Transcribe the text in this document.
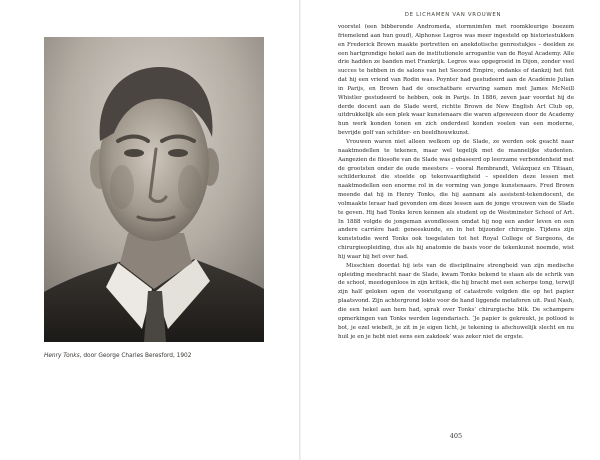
Henry Tonks, door George Charles Beresford, 1902
DE LICHAMEN VAN VROUWEN

voorstel (een bibberende Andromeda, stormnimfen met roomkleurige boezem friemelend aan hun goud), Alphonse Legros was meer ingesteld op historiestukken en Frederick Brown maakte portretten en anekdotische genrestukjes – deelden ze een hartgrondige hekel aan de institutionele arrogantie van de Royal Academy. Alle drie hadden ze banden met Frankrijk. Legros was opgegroeid in Dijon, zonder veel succes te hebben in de salons van het Second Empire, ondanks of dankzij het feit dat hij een vriend van Rodin was. Poynter had gestudeerd aan de Académie Julian in Parijs, en Brown had de onschatbare ervaring samen met James McNeill Whistler gestudeerd te hebben, ook in Parijs. In 1886, zeven jaar voordat hij de derde docent aan de Slade werd, richtte Brown de New English Art Club op, uitdrukkelijk als een plek waar kunstenaars die waren afgewezen door de Academy hun werk konden tonen en zich onderdeel konden voelen van een moderne, bevrijde golf van schilder- en beeldhouwkunst.

Vrouwen waren niet alleen welkom op de Slade, ze werden ook geacht naar naaktmodellen te tekenen, maar wel tegelijk met de mannelijke studenten. Aangezien de filosofie van de Slade was gebaseerd op leerzame verbondenheid met de grootsten onder de oude meesters – vooral Rembrandt, Velázquez en Titiaan, schilderkunst die stoelde op tekenvaardigheid – speelden deze lessen met naaktmodellen een enorme rol in de vorming van jonge kunstenaars. Fred Brown meende dat hij in Henry Tonks, die hij aannam als assistent-tekendocent, de volmaakte leraar had gevonden om deze lessen aan de jonge vrouwen van de Slade te geven. Hij had Tonks leren kennen als student op de Westminster School of Art. In 1888 volgde de jongeman avondlessen omdat hij nog een ander leven en een andere carrière had: geneeskunde, en in het bijzonder chirurgie. Tijdens zijn kunststudie werd Tonks ook toegelaten tot het Royal College of Surgeons, de chirurgieopleiding, dus als hij anatomie de basis voor de tekenkunst noemde, wist hij waar hij het over had.

Misschien doordat hij iets van de disciplinaire strengheid van zijn medische opleiding meebracht naar de Slade, kwam Tonks bekend te staan als de schrik van de school, meedogenloos in zijn kritiek, die hij bracht met een scherpe tong, terwijl zijn half geloken ogen de vooruitgang of catastrofe volgden die op het papier plaatsvond. Zijn achtergrond lokte voor de hand liggende metaforen uit. Paul Nash, die een hekel aan hem had, sprak over Tonks’ chirurgische blik. De schampere opmerkingen van Tonks werden legendarisch. ‘Je papier is gekreukt, je potlood is bot, je ezel wiebelt, je zit in je eigen licht, je tekening is afschuwelijk slecht en nu huil je en je hebt niet eens een zakdoek’ was zeker niet de ergste.

405
